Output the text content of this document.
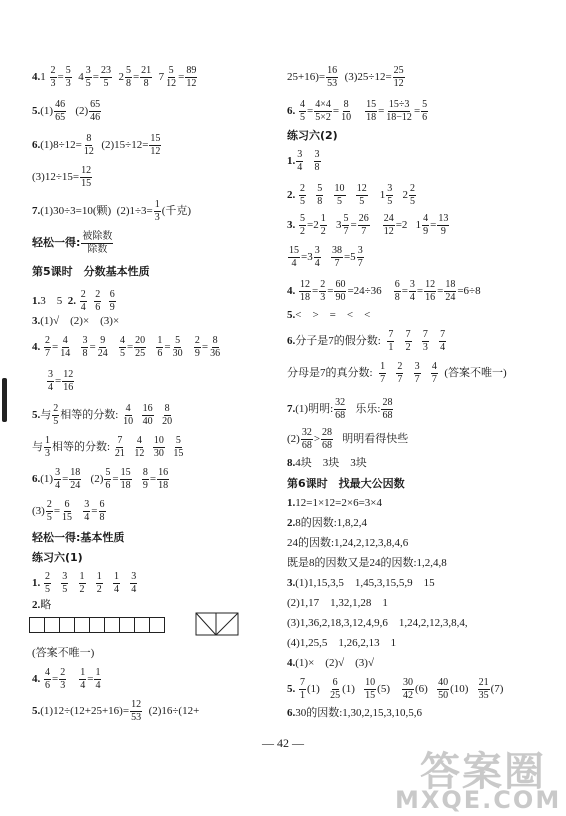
$4.1 \frac{2}{3} = \frac{5}{3} 4 \frac{3}{5} = \frac{23}{5} 2 \frac{5}{8} = \frac{21}{8} 7 \frac{5}{12} = \frac{89}{12}$
$5.(1) \frac{46}{65} (2) \frac{65}{46}$
$6.(1)8\div 12= \frac{8}{12} (2)15\div 12= \frac{15}{12}$
$(3)12\div 15= \frac{12}{15}$
7.(1)30÷3=10(颗) $(2)1\div 3= \frac{1}{3}$ (千克)
轻松一得: 被除数
除数
第5课时　分数基本性质
1.3　5 2. $\frac{2}{4}$
$\frac{2}{6}$
$\frac{6}{9}$
3.(1)√　(2)×　(3)×
4. $\frac{2}{7} = \frac{4}{14}$
$\frac{3}{8} = \frac{9}{24}$
$\frac{4}{5} = \frac{20}{25}$
$\frac{1}{6} = \frac{5}{30}$
$\frac{2}{9} = \frac{8}{36}$
$\frac{3}{4} = \frac{12}{16}$
5.与 $\frac{2}{5}$ 相等的分数: $\frac{4}{10}$
$\frac{16}{40}$
$\frac{8}{20}$
与 $\frac{1}{3}$ 相等的分数: $\frac{7}{21}$
$\frac{4}{12}$
$\frac{10}{30}$
$\frac{5}{15}$
$6.(1) \frac{3}{4} = \frac{18}{24} (2) \frac{5}{6} = \frac{15}{18}$
$\frac{8}{9} = \frac{16}{18}$
$(3) \frac{2}{5} = \frac{6}{15}$
$\frac{3}{4} = \frac{6}{8}$
轻松一得:基本性质
练习六(1)
1. $\frac{2}{5}$
$\frac{3}{5}$
$\frac{1}{2}$
$\frac{1}{2}$
$\frac{1}{4}$
$\frac{3}{4}$
2.略
(答案不唯一)
4. $\frac{4}{6} = \frac{2}{3}$
$\frac{1}{4} = \frac{1}{4}$
$5.(1)12\div(12+25+16)= \frac{12}{53} (2)16\div(12+$
$25+16)= \frac{16}{53} (3)25\div 12= \frac{25}{12}$
6. $\frac{4}{5} = \frac{4\times 4}{5\times 2} = \frac{8}{10}$
$\frac{15}{18} = \frac{15\div 3}{18-12} = \frac{5}{6}$
练习六(2)
1. $\frac{3}{4}$
$\frac{3}{8}$
2. $\frac{2}{5}$
$\frac{5}{8}$
$\frac{10}{5}$
$\frac{12}{5} 1 \frac{3}{5} 2 \frac{2}{5}$
3. $\frac{5}{2} =2 \frac{1}{2} 3 \frac{5}{7} = \frac{26}{7}$
$\frac{24}{12} =2$   $1 \frac{4}{9} = \frac{13}{9}$
$\frac{15}{4} =3 \frac{3}{4}$
$\frac{38}{7} =5 \frac{3}{7}$
4. $\frac{12}{18} = \frac{2}{3} = \frac{60}{90} =24\div 36 \frac{6}{8} = \frac{3}{4} = \frac{12}{16} = \frac{18}{24} =6\div 8$
5.<　>　=　<　<
6.分子是7的假分数: $\frac{7}{1}$
$\frac{7}{2}$
$\frac{7}{3}$
$\frac{7}{4}$
分母是7的真分数: $\frac{1}{7}$
$\frac{2}{7}$
$\frac{3}{7}$
$\frac{4}{7}$ (答案不唯一)
7.(1)明明: $\frac{32}{68}$ 乐乐: $\frac{28}{68}$
$(2) \frac{32}{68} > \frac{28}{68}$ 明明看得快些
8.4块　3块　3块
第6课时　找最大公因数
1.12=1×12=2×6=3×4
2.8的因数:1,8,2,4
24的因数:1,24,2,12,3,8,4,6
既是8的因数又是24的因数:1,2,4,8
3.(1)1,15,3,5　1,45,3,15,5,9　15
(2)1,17　1,32,1,28　1
(3)1,36,2,18,3,12,4,9,6　1,24,2,12,3,8,4,
(4)1,25,5　1,26,2,13　1
4.(1)×　(2)√　(3)√
5. $\frac{7}{1} (1) \frac{6}{25} (1) \frac{10}{15} (5) \frac{30}{42} (6) \frac{40}{50} (10) \frac{21}{35} (7)$
6.30的因数:1,30,2,15,3,10,5,6
— 42 —
答案圈
MXQE.COM
